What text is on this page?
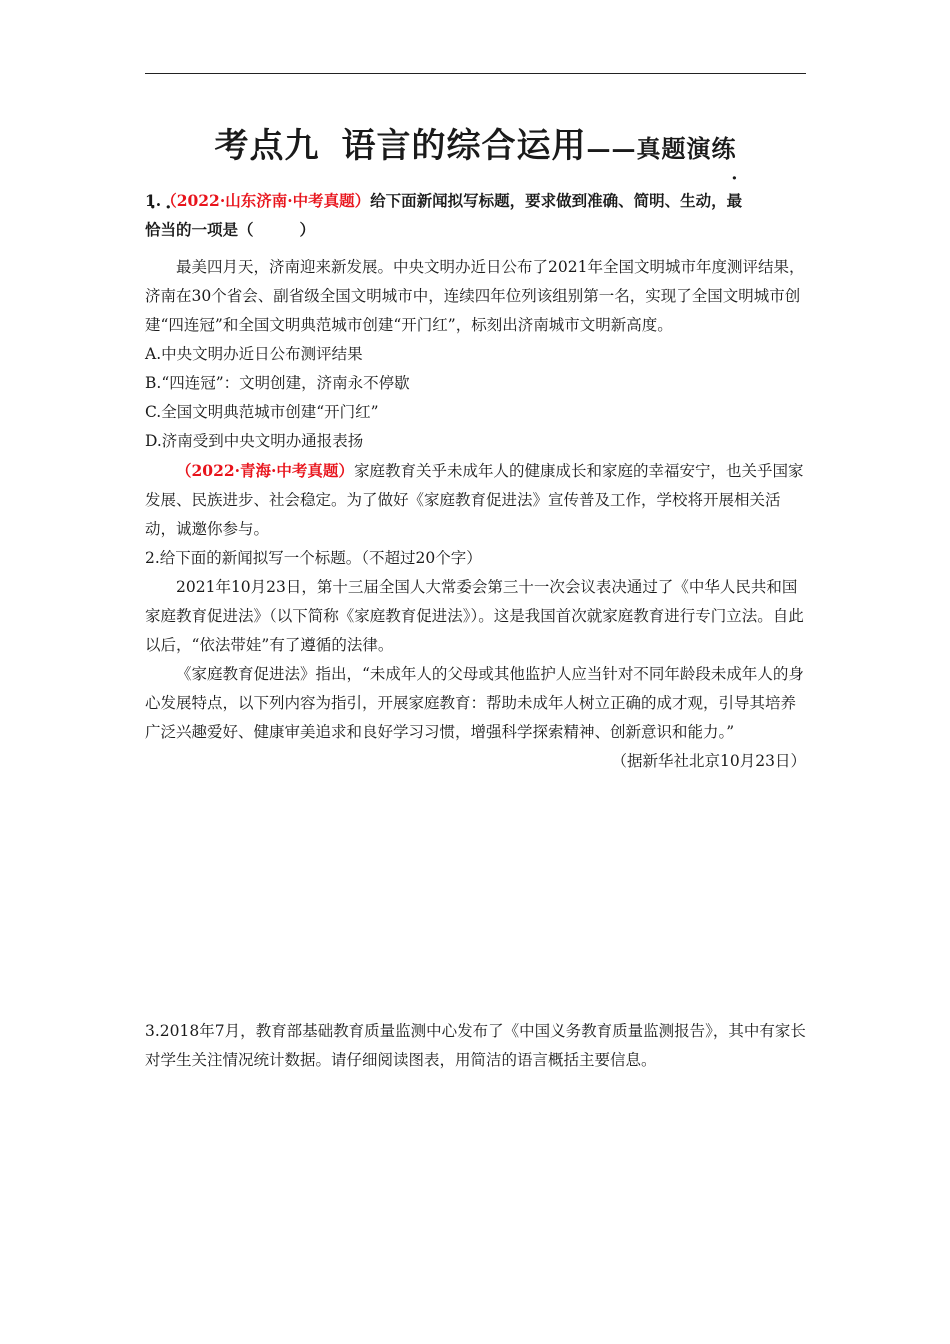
考点九 语言的综合运用——真题演练
1.（2022·山东济南·中考真题）给下面新闻拟写标题，要求做到准确、简明、生动，最
恰当的一项是（	）

最美四月天，济南迎来新发展。中央文明办近日公布了2021年全国文明城市年度测评结果，济南在30个省会、副省级全国文明城市中，连续四年位列该组别第一名，实现了全国文明城市创建“四连冠”和全国文明典范城市创建“开门红”，标刻出济南城市文明新高度。

A.中央文明办近日公布测评结果

B.“四连冠”：文明创建，济南永不停歇

C.全国文明典范城市创建“开门红”

D.济南受到中央文明办通报表扬

（2022·青海·中考真题）家庭教育关乎未成年人的健康成长和家庭的幸福安宁，也关乎国家发展、民族进步、社会稳定。为了做好《家庭教育促进法》宣传普及工作，学校将开展相关活动，诚邀你参与。

2.给下面的新闻拟写一个标题。（不超过20个字）

2021年10月23日，第十三届全国人大常委会第三十一次会议表决通过了《中华人民共和国家庭教育促进法》（以下简称《家庭教育促进法》）。这是我国首次就家庭教育进行专门立法。自此以后，“依法带娃”有了遵循的法律。

《家庭教育促进法》指出，“未成年人的父母或其他监护人应当针对不同年龄段未成年人的身心发展特点，以下列内容为指引，开展家庭教育：帮助未成年人树立正确的成才观，引导其培养广泛兴趣爱好、健康审美追求和良好学习习惯，增强科学探索精神、创新意识和能力。”

（据新华社北京10月23日）

3.2018年7月，教育部基础教育质量监测中心发布了《中国义务教育质量监测报告》，其中有家长对学生关注情况统计数据。请仔细阅读图表，用简洁的语言概括主要信息。
